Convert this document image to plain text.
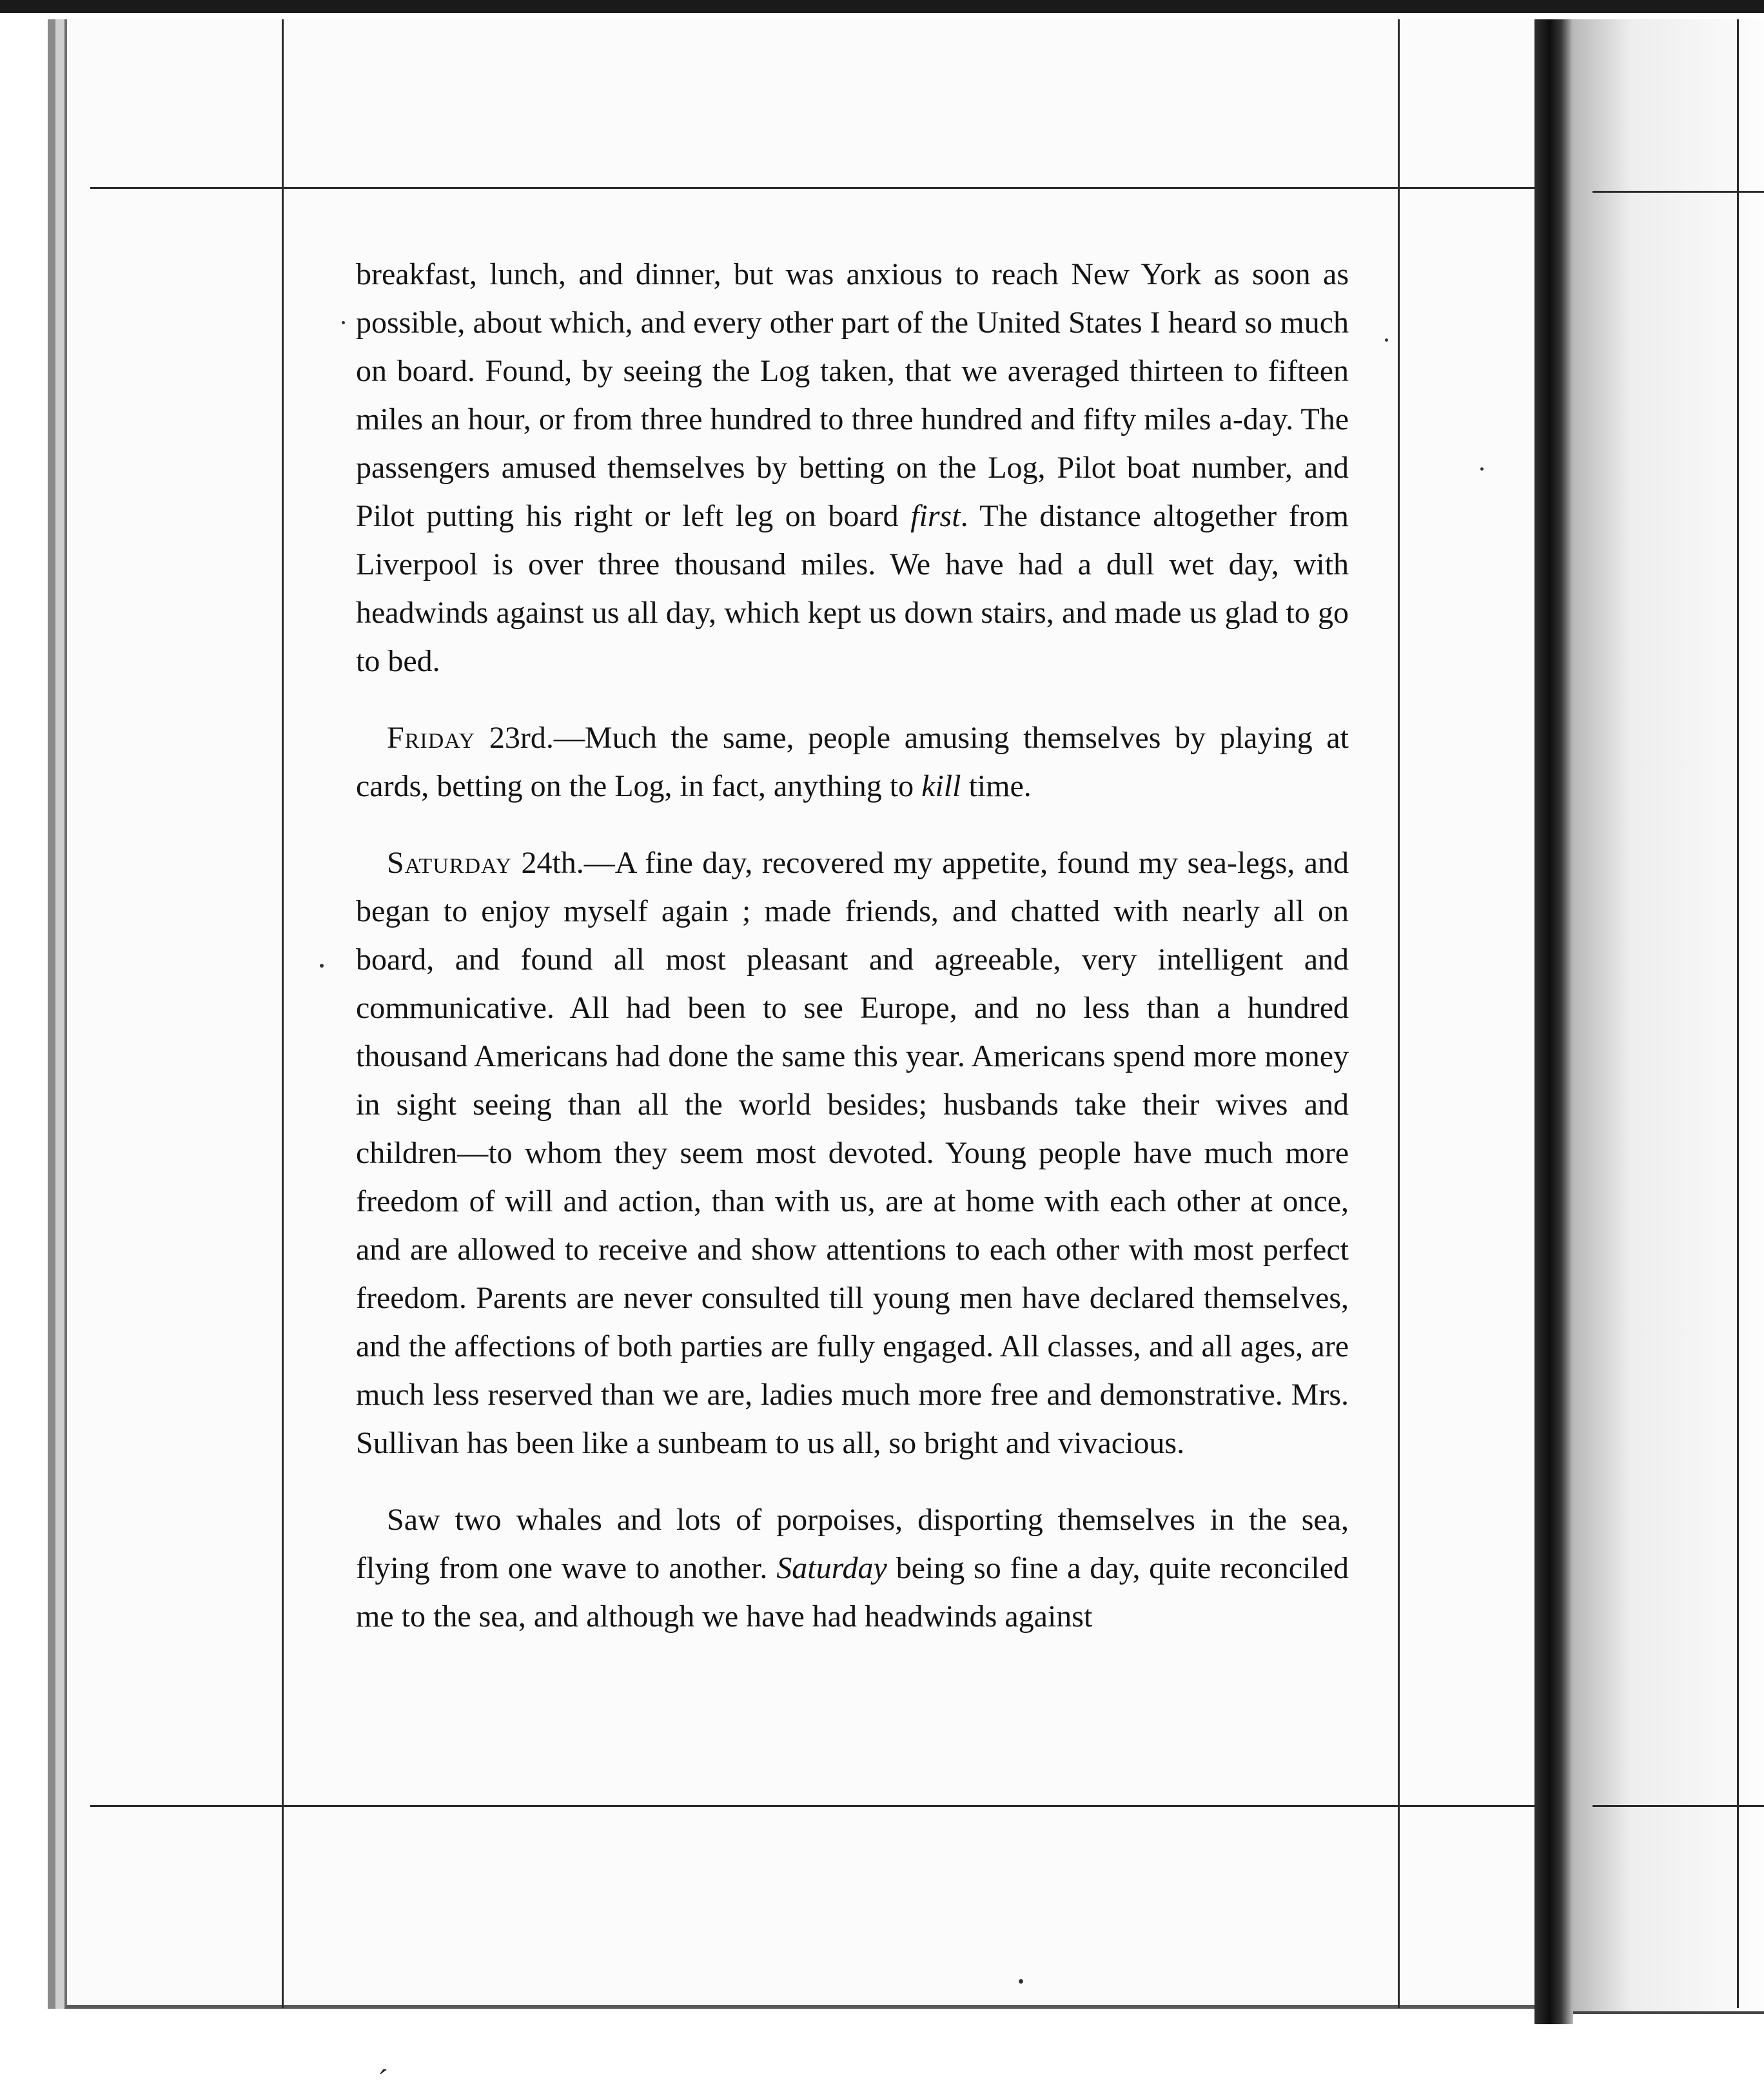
breakfast, lunch, and dinner, but was anxious to reach New York as soon as possible, about which, and every other part of the United States I heard so much on board. Found, by seeing the Log taken, that we averaged thirteen to fifteen miles an hour, or from three hundred to three hundred and fifty miles a-day. The passengers amused themselves by betting on the Log, Pilot boat number, and Pilot putting his right or left leg on board first. The distance altogether from Liverpool is over three thousand miles. We have had a dull wet day, with headwinds against us all day, which kept us down stairs, and made us glad to go to bed.

Friday 23rd.—Much the same, people amusing themselves by playing at cards, betting on the Log, in fact, anything to kill time.

Saturday 24th.—A fine day, recovered my appetite, found my sea-legs, and began to enjoy myself again ; made friends, and chatted with nearly all on board, and found all most pleasant and agreeable, very intelligent and communicative. All had been to see Europe, and no less than a hundred thousand Americans had done the same this year. Americans spend more money in sight seeing than all the world besides; husbands take their wives and children—to whom they seem most devoted. Young people have much more freedom of will and action, than with us, are at home with each other at once, and are allowed to receive and show attentions to each other with most perfect freedom. Parents are never consulted till young men have declared themselves, and the affections of both parties are fully engaged. All classes, and all ages, are much less reserved than we are, ladies much more free and demonstrative. Mrs. Sullivan has been like a sunbeam to us all, so bright and vivacious.

Saw two whales and lots of porpoises, disporting themselves in the sea, flying from one wave to another. Saturday being so fine a day, quite reconciled me to the sea, and although we have had headwinds against

ˊ
